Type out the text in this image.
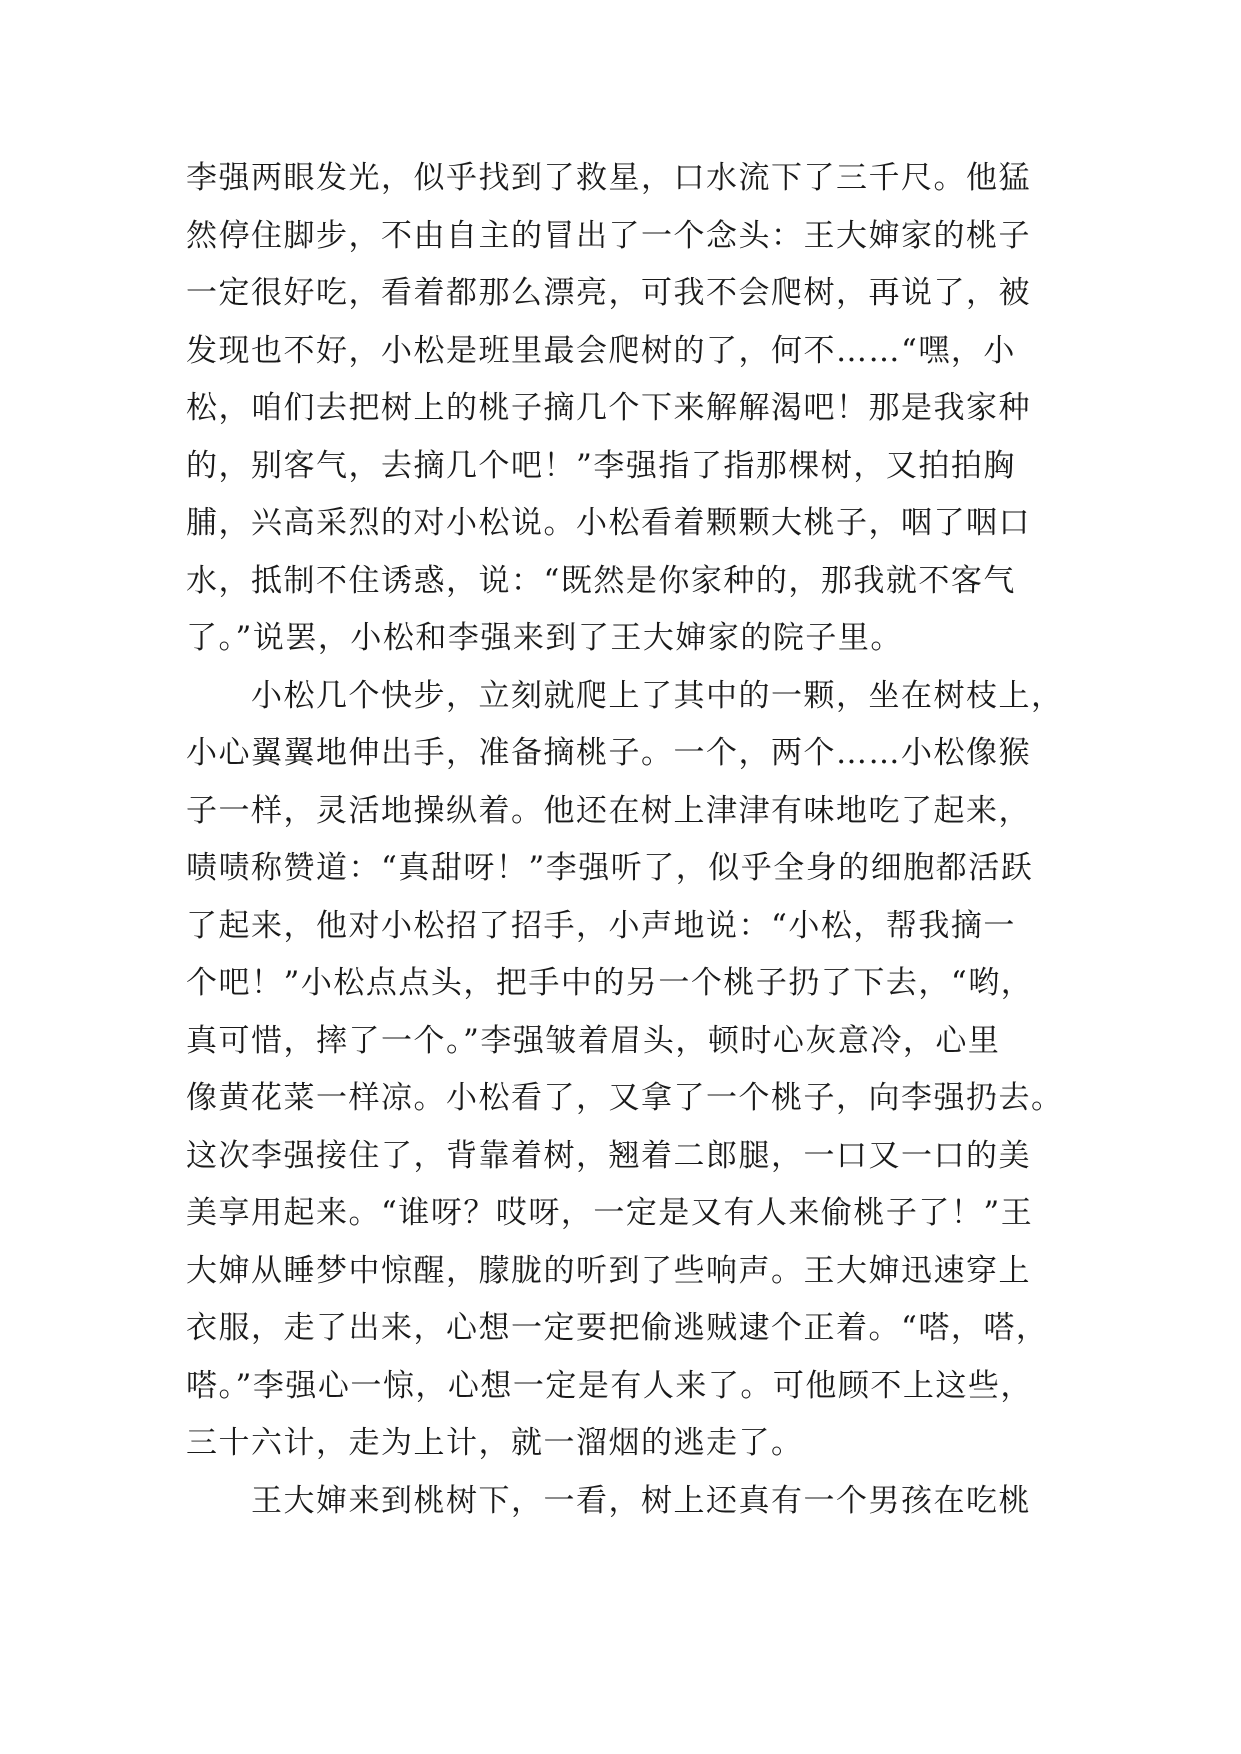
李强两眼发光，似乎找到了救星，口水流下了三千尺。他猛
然停住脚步，不由自主的冒出了一个念头：王大婶家的桃子
一定很好吃，看着都那么漂亮，可我不会爬树，再说了，被
发现也不好，小松是班里最会爬树的了，何不……“嘿，小
松，咱们去把树上的桃子摘几个下来解解渴吧！那是我家种
的，别客气，去摘几个吧！”李强指了指那棵树，又拍拍胸
脯，兴高采烈的对小松说。小松看着颗颗大桃子，咽了咽口
水，抵制不住诱惑，说：“既然是你家种的，那我就不客气
了。”说罢，小松和李强来到了王大婶家的院子里。
　　小松几个快步，立刻就爬上了其中的一颗，坐在树枝上，
小心翼翼地伸出手，准备摘桃子。一个，两个……小松像猴
子一样，灵活地操纵着。他还在树上津津有味地吃了起来，
啧啧称赞道：“真甜呀！”李强听了，似乎全身的细胞都活跃
了起来，他对小松招了招手，小声地说：“小松，帮我摘一
个吧！”小松点点头，把手中的另一个桃子扔了下去，“哟，
真可惜，摔了一个。”李强皱着眉头，顿时心灰意冷，心里
像黄花菜一样凉。小松看了，又拿了一个桃子，向李强扔去。
这次李强接住了，背靠着树，翘着二郎腿，一口又一口的美
美享用起来。“谁呀？哎呀，一定是又有人来偷桃子了！”王
大婶从睡梦中惊醒，朦胧的听到了些响声。王大婶迅速穿上
衣服，走了出来，心想一定要把偷逃贼逮个正着。“嗒，嗒，
嗒。”李强心一惊，心想一定是有人来了。可他顾不上这些，
三十六计，走为上计，就一溜烟的逃走了。
　　王大婶来到桃树下，一看，树上还真有一个男孩在吃桃
